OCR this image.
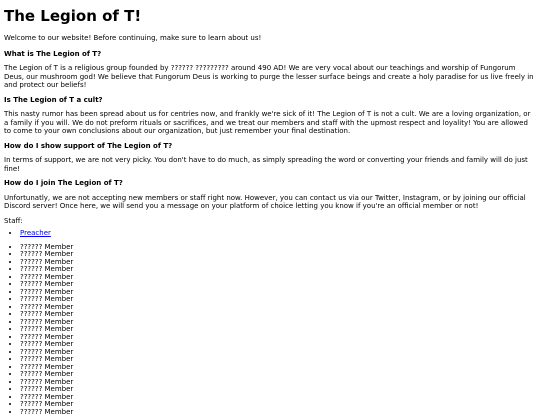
The Legion of T!

Welcome to our website! Before continuing, make sure to learn about us!

What is The Legion of T?

The Legion of T is a religious group founded by ?????? ????????? around 490 AD! We are very vocal about our teachings and worship of Fungorum Deus, our mushroom god! We believe that Fungorum Deus is working to purge the lesser surface beings and create a holy paradise for us live freely in and protect our beliefs!

Is The Legion of T a cult?

This nasty rumor has been spread about us for centries now, and frankly we're sick of it! The Legion of T is not a cult. We are a loving organization, or a family if you will. We do not preform rituals or sacrifices, and we treat our members and staff with the upmost respect and loyality! You are allowed to come to your own conclusions about our organization, but just remember your final destination.

How do I show support of The Legion of T?

In terms of support, we are not very picky. You don't have to do much, as simply spreading the word or converting your friends and family will do just fine!

How do I join The Legion of T?

Unfortunatly, we are not accepting new members or staff right now. However, you can contact us via our Twitter, Instagram, or by joining our official Discord server! Once here, we will send you a message on your platform of choice letting you know if you're an official member or not!

Staff:

• Preacher
• ?????? Member
• ?????? Member
• ?????? Member
• ?????? Member
• ?????? Member
• ?????? Member
• ?????? Member
• ?????? Member
• ?????? Member
• ?????? Member
• ?????? Member
• ?????? Member
• ?????? Member
• ?????? Member
• ?????? Member
• ?????? Member
• ?????? Member
• ?????? Member
• ?????? Member
• ?????? Member
• ?????? Member
• ?????? Member
• ?????? Member
